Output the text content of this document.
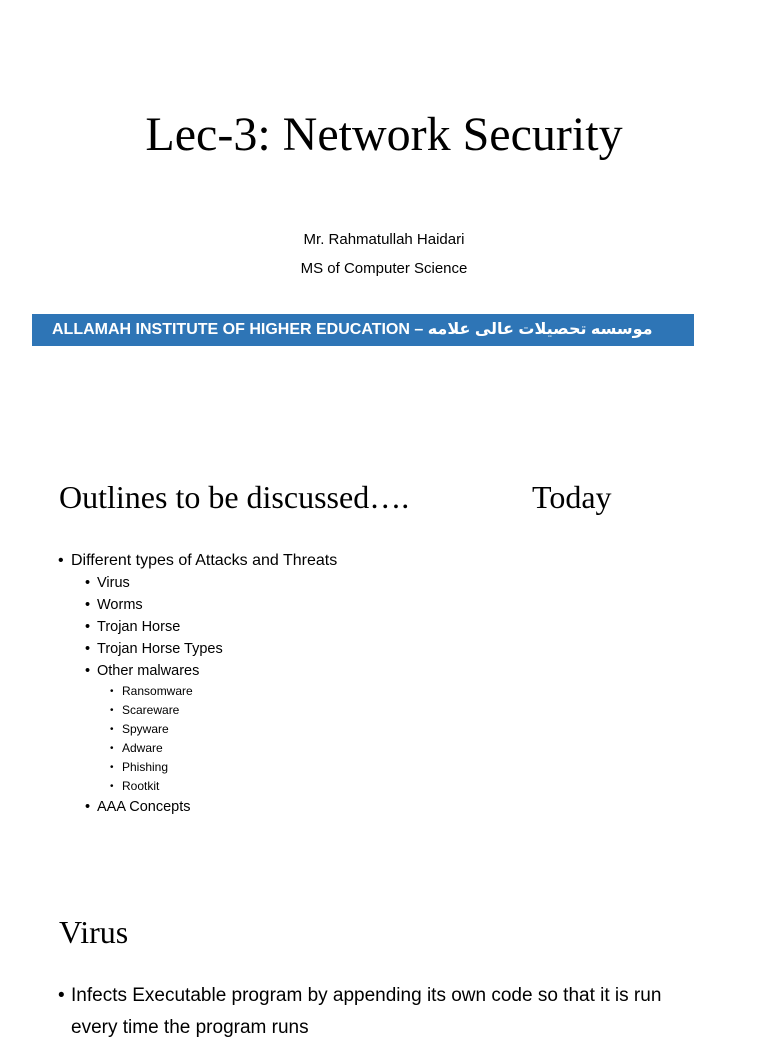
Lec-3: Network Security
Mr. Rahmatullah Haidari
MS of Computer Science
ALLAMAH INSTITUTE OF HIGHER EDUCATION – موسسه تحصیلات عالی علامه
Outlines to be discussed….	Today
• Different types of Attacks and Threats
• Virus
• Worms
• Trojan Horse
• Trojan Horse Types
• Other malwares
• Ransomware
• Scareware
• Spyware
• Adware
• Phishing
• Rootkit
• AAA Concepts
Virus
• Infects Executable program by appending its own code so that it is run
every time the program runs
